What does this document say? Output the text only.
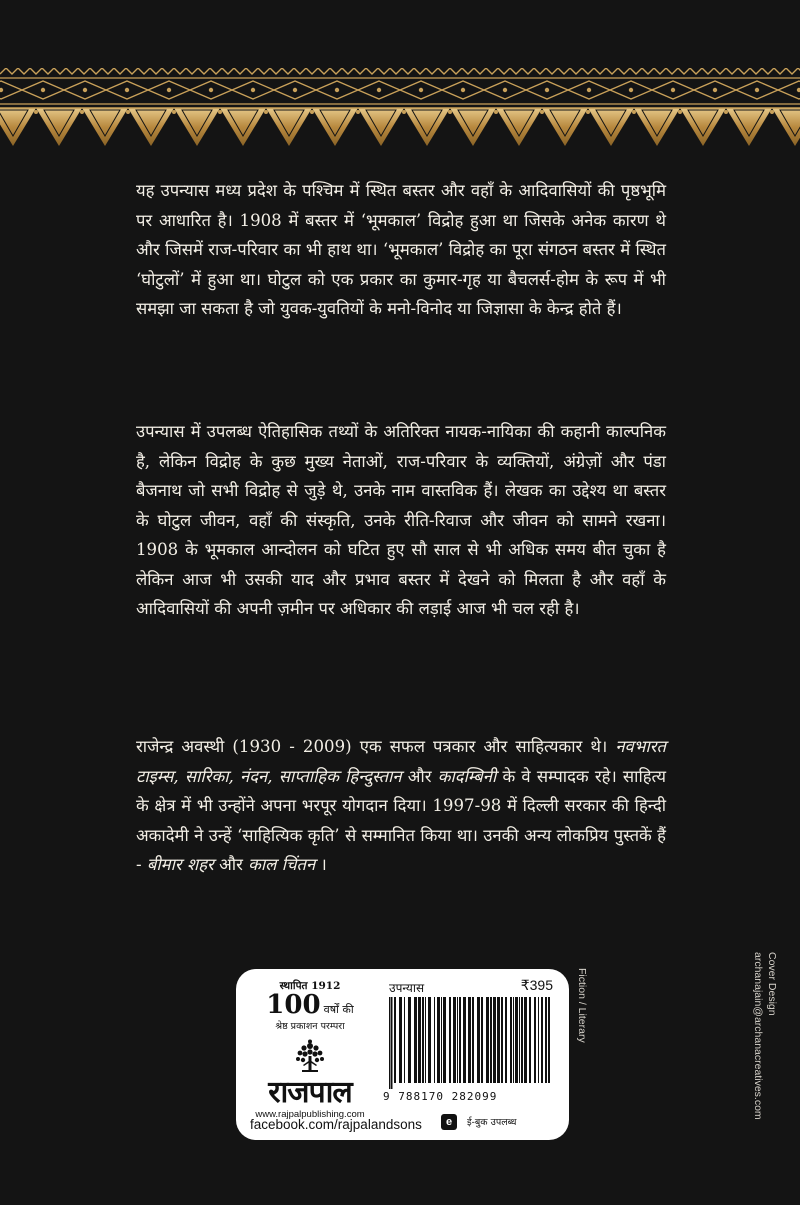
यह उपन्यास मध्य प्रदेश के पश्चिम में स्थित बस्तर और वहाँ के आदिवासियों की पृष्ठभूमि पर आधारित है। 1908 में बस्तर में ‘भूमकाल’ विद्रोह हुआ था जिसके अनेक कारण थे और जिसमें राज-परिवार का भी हाथ था। ‘भूमकाल’ विद्रोह का पूरा संगठन बस्तर में स्थित ‘घोटुलों’ में हुआ था। घोटुल को एक प्रकार का कुमार-गृह या बैचलर्स-होम के रूप में भी समझा जा सकता है जो युवक-युवतियों के मनो-विनोद या जिज्ञासा के केन्द्र होते हैं।

उपन्यास में उपलब्ध ऐतिहासिक तथ्यों के अतिरिक्त नायक-नायिका की कहानी काल्पनिक है, लेकिन विद्रोह के कुछ मुख्य नेताओं, राज-परिवार के व्यक्तियों, अंग्रेज़ों और पंडा बैजनाथ जो सभी विद्रोह से जुड़े थे, उनके नाम वास्तविक हैं। लेखक का उद्देश्य था बस्तर के घोटुल जीवन, वहाँ की संस्कृति, उनके रीति-रिवाज और जीवन को सामने रखना। 1908 के भूमकाल आन्दोलन को घटित हुए सौ साल से भी अधिक समय बीत चुका है लेकिन आज भी उसकी याद और प्रभाव बस्तर में देखने को मिलता है और वहाँ के आदिवासियों की अपनी ज़मीन पर अधिकार की लड़ाई आज भी चल रही है।

राजेन्द्र अवस्थी (1930 - 2009) एक सफल पत्रकार और साहित्यकार थे। नवभारत टाइम्स, सारिका, नंदन, साप्ताहिक हिन्दुस्तान और कादम्बिनी के वे सम्पादक रहे। साहित्य के क्षेत्र में भी उन्होंने अपना भरपूर योगदान दिया। 1997-98 में दिल्ली सरकार की हिन्दी अकादेमी ने उन्हें ‘साहित्यिक कृति’ से सम्मानित किया था। उनकी अन्य लोकप्रिय पुस्तकें हैं - बीमार शहर और काल चिंतन ।

स्थापित 1912
100 वर्षों की
श्रेष्ठ प्रकाशन परम्परा
राजपाल
www.rajpalpublishing.com
facebook.com/rajpalandsons
उपन्यास	₹395
9 788170 282099
e	ई-बुक उपलब्ध
Fiction / Literary	Cover Design
archanajain@archanacreatives.com
